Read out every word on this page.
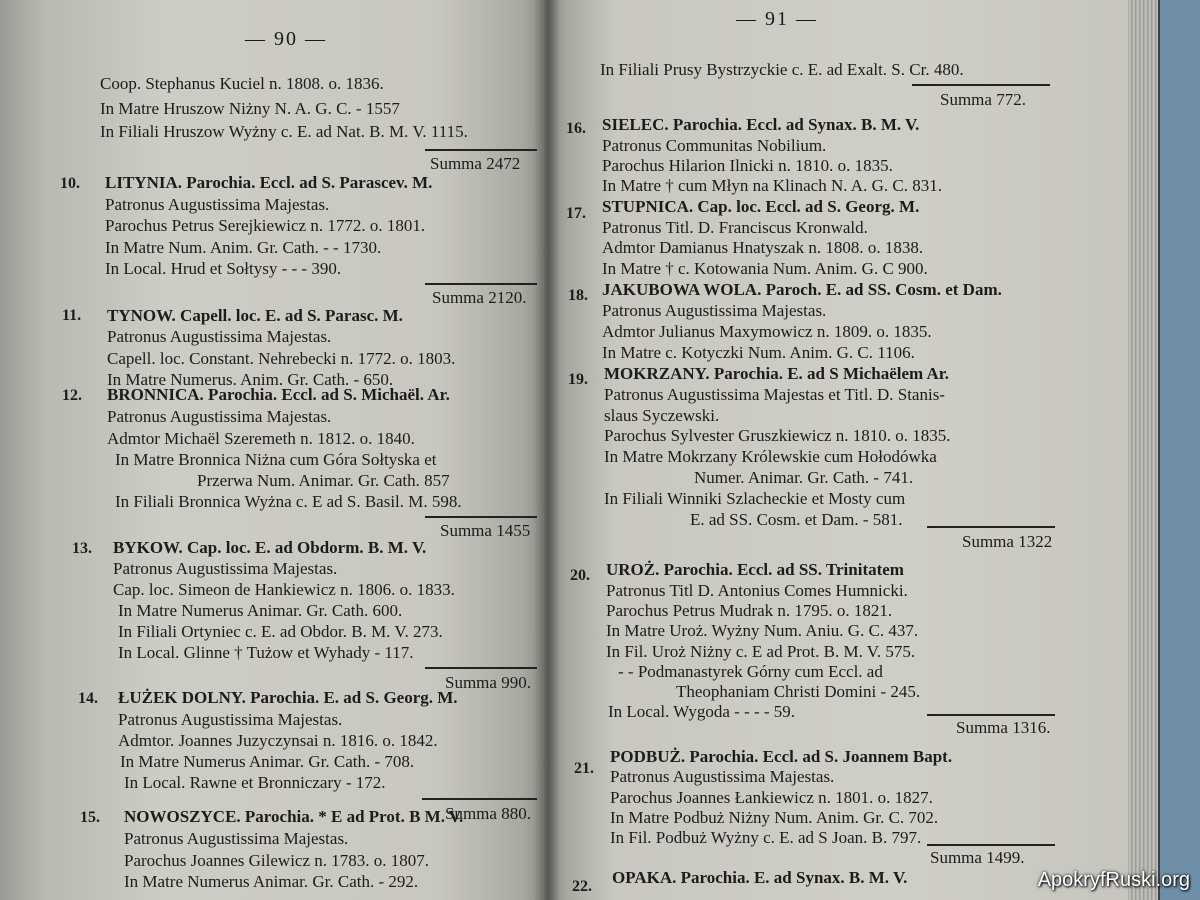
— 90 —
Coop. Stephanus Kuciel n. 1808. o. 1836.
In Matre Hruszow Niżny N. A. G. C. - 1557
In Filiali Hruszow Wyżny c. E. ad Nat. B. M. V. 1115.
Summa 2472
10. LITYNIA. Parochia. Eccl. ad S. Parascev. M.
Patronus Augustissima Majestas.
Parochus Petrus Serejkiewicz n. 1772. o. 1801.
In Matre Num. Anim. Gr. Cath. - - 1730.
In Local. Hrud et Sołtysy - - - 390.
Summa 2120.
11. TYNOW. Capell. loc. E. ad S. Parasc. M.
Patronus Augustissima Majestas.
Capell. loc. Constant. Nehrebecki n. 1772. o. 1803.
In Matre Numerus. Anim. Gr. Cath. - 650.
12. BRONNICA. Parochia. Eccl. ad S. Michaël. Ar.
Patronus Augustissima Majestas.
Admtor Michaël Szeremeth n. 1812. o. 1840.
In Matre Bronnica Niżna cum Góra Sołtyska et
Przerwa Num. Animar. Gr. Cath. 857
In Filiali Bronnica Wyżna c. E ad S. Basil. M. 598.
Summa 1455
13. BYKOW. Cap. loc. E. ad Obdorm. B. M. V.
Patronus Augustissima Majestas.
Cap. loc. Simeon de Hankiewicz n. 1806. o. 1833.
In Matre Numerus Animar. Gr. Cath. 600.
In Filiali Ortyniec c. E. ad Obdor. B. M. V. 273.
In Local. Glinne † Tużow et Wyhady - 117.
Summa 990.
14. ŁUŻEK DOLNY. Parochia. E. ad S. Georg. M.
Patronus Augustissima Majestas.
Admtor. Joannes Juzyczynsai n. 1816. o. 1842.
In Matre Numerus Animar. Gr. Cath. - 708.
In Local. Rawne et Bronniczary - 172.
Summa 880.
15. NOWOSZYCE. Parochia. * E ad Prot. B M. V.
Patronus Augustissima Majestas.
Parochus Joannes Gilewicz n. 1783. o. 1807.
In Matre Numerus Animar. Gr. Cath. - 292.
— 91 —
In Filiali Prusy Bystrzyckie c. E. ad Exalt. S. Cr. 480.
Summa 772.
16. SIELEC. Parochia. Eccl. ad Synax. B. M. V.
Patronus Communitas Nobilium.
Parochus Hilarion Ilnicki n. 1810. o. 1835.
In Matre † cum Młyn na Klinach N. A. G. C. 831.
17. STUPNICA. Cap. loc. Eccl. ad S. Georg. M.
Patronus Titl. D. Franciscus Kronwald.
Admtor Damianus Hnatyszak n. 1808. o. 1838.
In Matre † c. Kotowania Num. Anim. G. C 900.
18. JAKUBOWA WOLA. Paroch. E. ad SS. Cosm. et Dam.
Patronus Augustissima Majestas.
Admtor Julianus Maxymowicz n. 1809. o. 1835.
In Matre c. Kotyczki Num. Anim. G. C. 1106.
19. MOKRZANY. Parochia. E. ad S Michaëlem Ar.
Patronus Augustissima Majestas et Titl. D. Stanis-
slaus Syczewski.
Parochus Sylvester Gruszkiewicz n. 1810. o. 1835.
In Matre Mokrzany Królewskie cum Hołodówka
Numer. Animar. Gr. Cath. - 741.
In Filiali Winniki Szlacheckie et Mosty cum
E. ad SS. Cosm. et Dam. - 581.
Summa 1322
20. UROŻ. Parochia. Eccl. ad SS. Trinitatem
Patronus Titl D. Antonius Comes Humnicki.
Parochus Petrus Mudrak n. 1795. o. 1821.
In Matre Uroż. Wyżny Num. Aniu. G. C. 437.
In Fil. Uroż Niżny c. E ad Prot. B. M. V. 575.
- - Podmanastyrek Górny cum Eccl. ad
Theophaniam Christi Domini - 245.
In Local. Wygoda - - - - 59.
Summa 1316.
21.
PODBUŻ. Parochia. Eccl. ad S. Joannem Bapt.
Patronus Augustissima Majestas.
Parochus Joannes Łankiewicz n. 1801. o. 1827.
In Matre Podbuż Niżny Num. Anim. Gr. C. 702.
In Fil. Podbuż Wyżny c. E. ad S Joan. B. 797.
Summa 1499.
22. OPAKA. Parochia. E. ad Synax. B. M. V.	ApokryfRuski.org
